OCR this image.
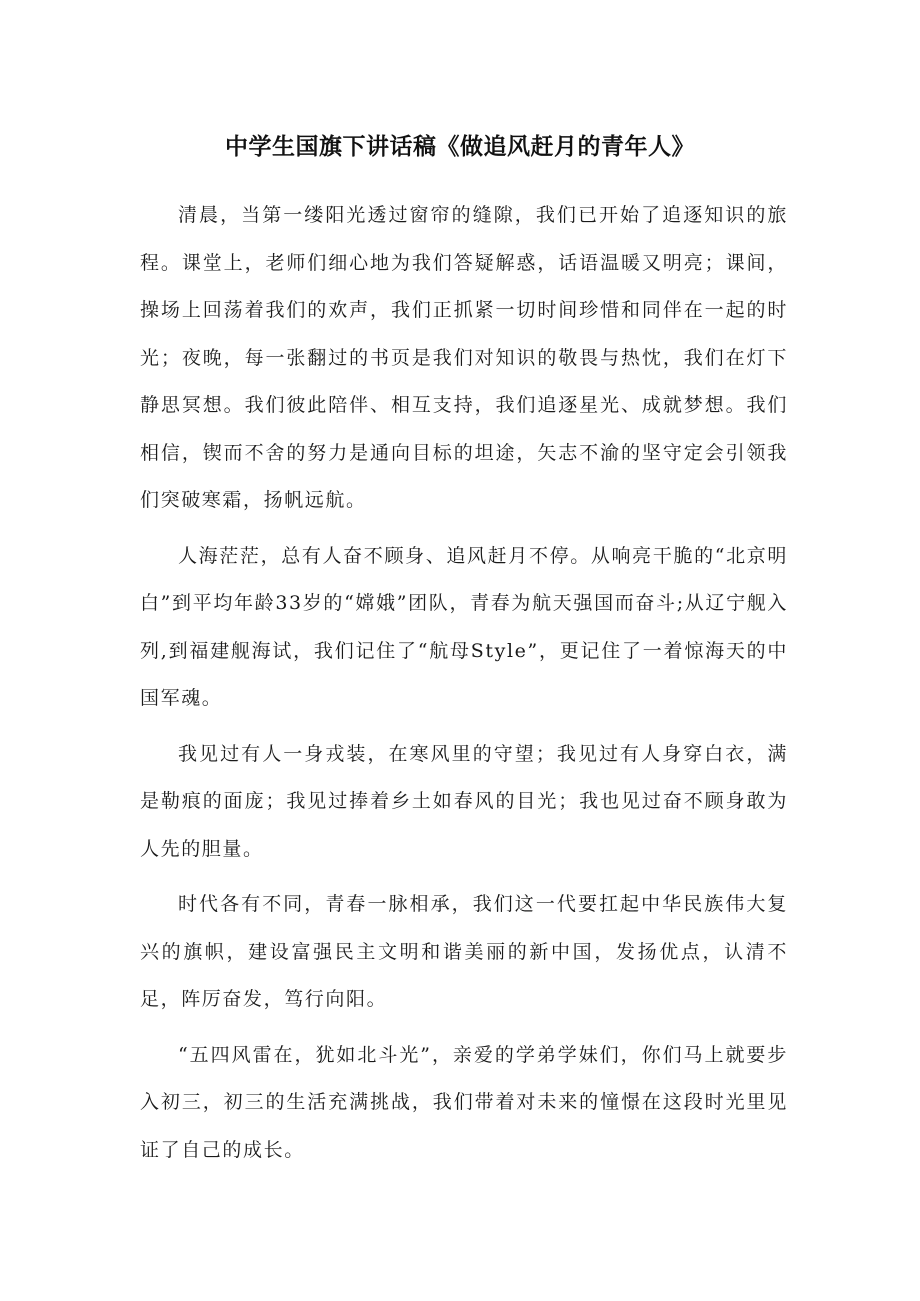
中学生国旗下讲话稿《做追风赶月的青年人》

清晨，当第一缕阳光透过窗帘的缝隙，我们已开始了追逐知识的旅程。课堂上，老师们细心地为我们答疑解惑，话语温暖又明亮；课间，操场上回荡着我们的欢声，我们正抓紧一切时间珍惜和同伴在一起的时光；夜晚，每一张翻过的书页是我们对知识的敬畏与热忱，我们在灯下静思冥想。我们彼此陪伴、相互支持，我们追逐星光、成就梦想。我们相信，锲而不舍的努力是通向目标的坦途，矢志不渝的坚守定会引领我们突破寒霜，扬帆远航。

人海茫茫，总有人奋不顾身、追风赶月不停。从响亮干脆的“北京明白”到平均年龄33岁的“嫦娥”团队，青春为航天强国而奋斗;从辽宁舰入列,到福建舰海试，我们记住了“航母Style”，更记住了一着惊海天的中国军魂。

我见过有人一身戎装，在寒风里的守望；我见过有人身穿白衣，满是勒痕的面庞；我见过捧着乡土如春风的目光；我也见过奋不顾身敢为人先的胆量。

时代各有不同，青春一脉相承，我们这一代要扛起中华民族伟大复兴的旗帜，建设富强民主文明和谐美丽的新中国，发扬优点，认清不足，阵厉奋发，笃行向阳。

“五四风雷在，犹如北斗光”，亲爱的学弟学妹们，你们马上就要步入初三，初三的生活充满挑战，我们带着对未来的憧憬在这段时光里见证了自己的成长。
